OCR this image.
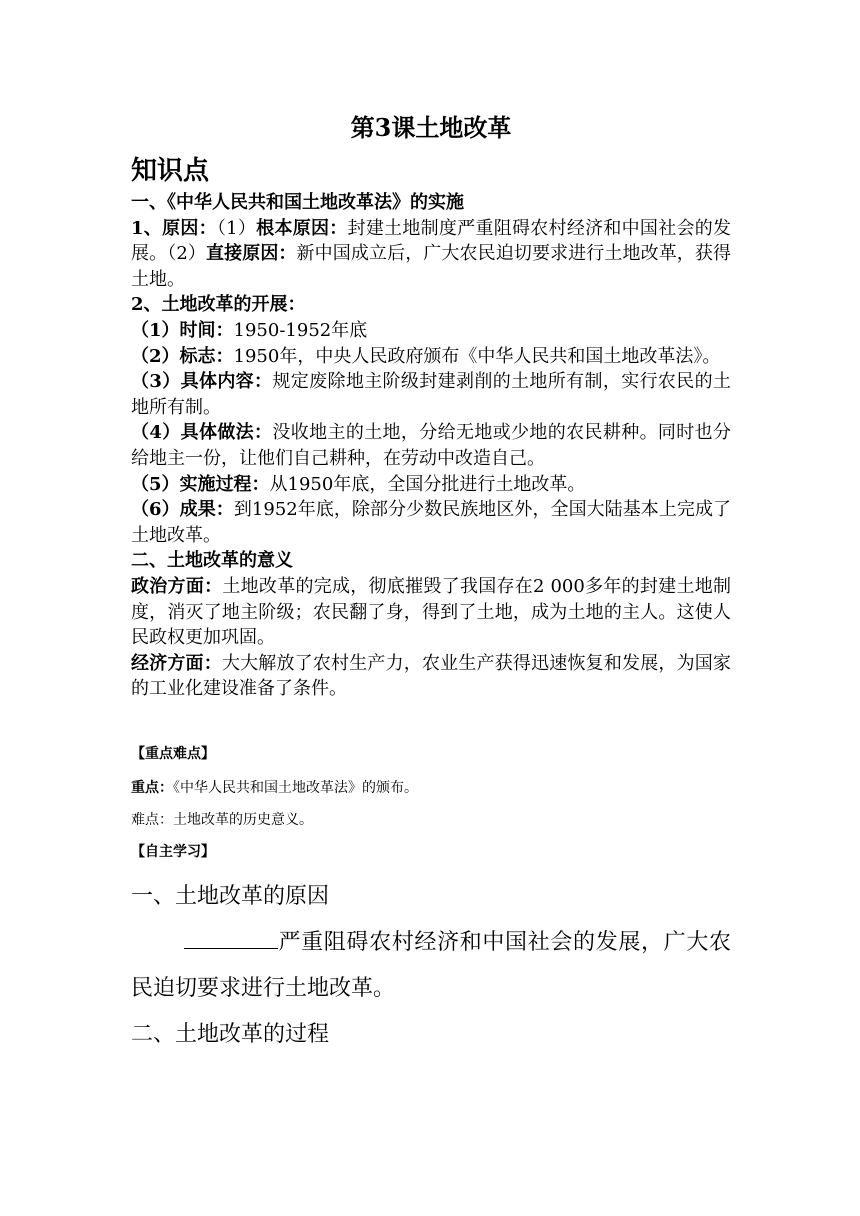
第3课土地改革
知识点

一、《中华人民共和国土地改革法》的实施

1、原因：（1）根本原因：封建土地制度严重阻碍农村经济和中国社会的发展。（2）直接原因：新中国成立后，广大农民迫切要求进行土地改革，获得土地。

2、土地改革的开展：

（1）时间：1950-1952年底

（2）标志：1950年，中央人民政府颁布《中华人民共和国土地改革法》。

（3）具体内容：规定废除地主阶级封建剥削的土地所有制，实行农民的土地所有制。

（4）具体做法：没收地主的土地，分给无地或少地的农民耕种。同时也分给地主一份，让他们自己耕种，在劳动中改造自己。

（5）实施过程：从1950年底，全国分批进行土地改革。

（6）成果：到1952年底，除部分少数民族地区外，全国大陆基本上完成了土地改革。

二、土地改革的意义

政治方面：土地改革的完成，彻底摧毁了我国存在2 000多年的封建土地制度，消灭了地主阶级；农民翻了身，得到了土地，成为土地的主人。这使人民政权更加巩固。

经济方面：大大解放了农村生产力，农业生产获得迅速恢复和发展，为国家的工业化建设准备了条件。

【重点难点】

重点：《中华人民共和国土地改革法》的颁布。

难点：土地改革的历史意义。

【自主学习】

一、土地改革的原因

严重阻碍农村经济和中国社会的发展，广大农民迫切要求进行土地改革。

二、土地改革的过程
